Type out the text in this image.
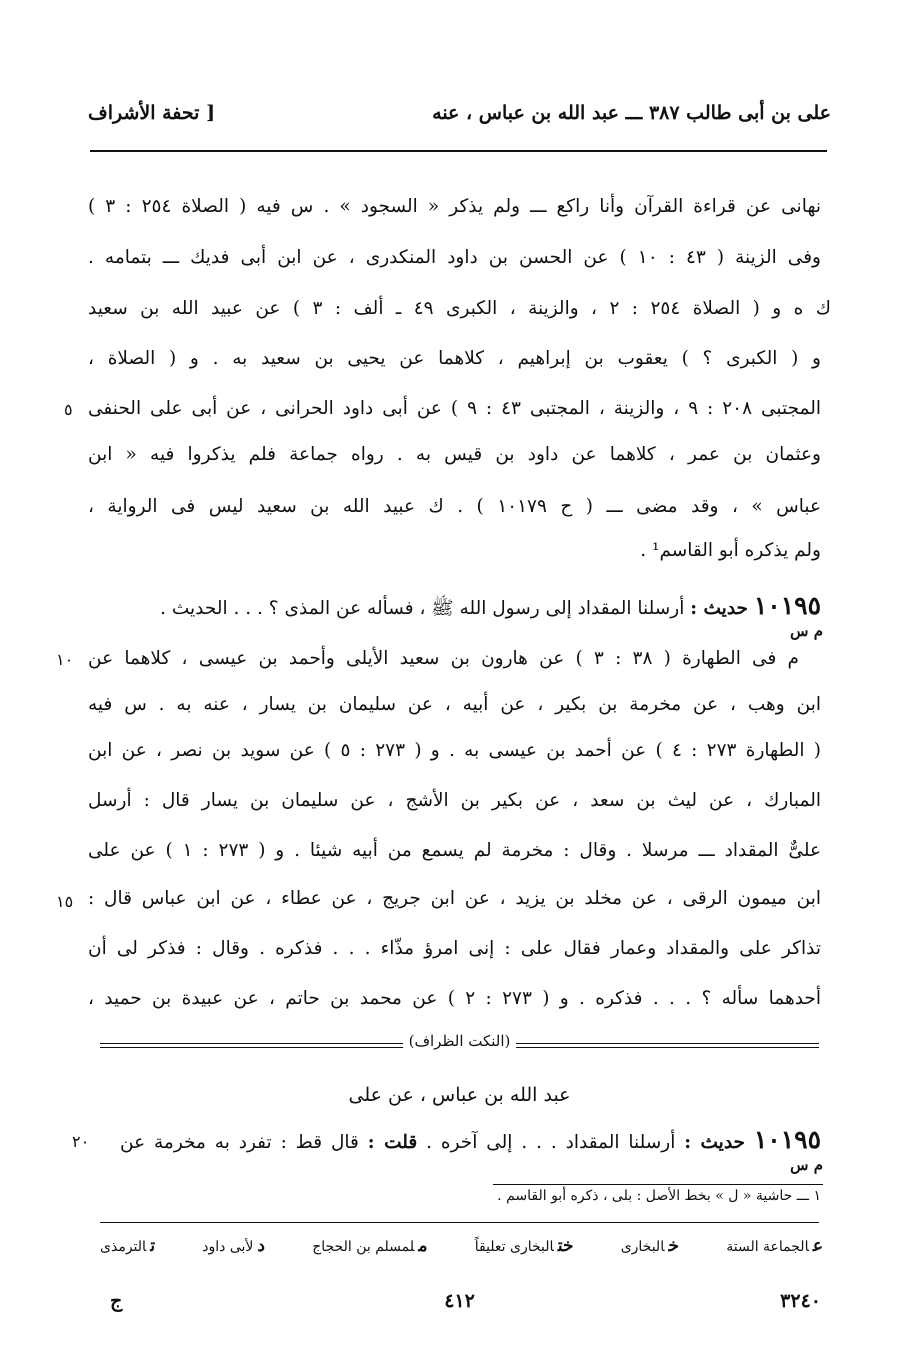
على بن أبى طالب ٣٨٧ ـــ عبد الله بن عباس ، عنه
[ تحفة الأشراف
نهانى عن قراءة القرآن وأنا راكع ـــ ولم يذكر « السجود » . س فيه ( الصلاة ٢٥٤ : ٣ )
وفى الزينة ( ٤٣ : ١٠ ) عن الحسن بن داود المنكدرى ، عن ابن أبى فديك ـــ بتمامه .
ك ه و ( الصلاة ٢٥٤ : ٢ ، والزينة ، الكبرى ٤٩ ـ ألف : ٣ ) عن عبيد الله بن سعيد
و ( الكبرى ؟ ) يعقوب بن إبراهيم ، كلاهما عن يحيى بن سعيد به . و ( الصلاة ،
المجتبى ٢٠٨ : ٩ ، والزينة ، المجتبى ٤٣ : ٩ ) عن أبى داود الحرانى ، عن أبى على الحنفى
وعثمان بن عمر ، كلاهما عن داود بن قيس به . رواه جماعة فلم يذكروا فيه « ابن
عباس » ، وقد مضى ـــ ( ح ١٠١٧٩ ) . ك عبيد الله بن سعيد ليس فى الرواية ،
ولم يذكره أبو القاسم¹ .
٥
١٠١٩٥ حديث : أرسلنا المقداد إلى رسول الله ﷺ ، فسأله عن المذى ؟ . . . الحديث .
م س
م فى الطهارة ( ٣٨ : ٣ ) عن هارون بن سعيد الأيلى وأحمد بن عيسى ، كلاهما عن
ابن وهب ، عن مخرمة بن بكير ، عن أبيه ، عن سليمان بن يسار ، عنه به . س فيه
( الطهارة ٢٧٣ : ٤ ) عن أحمد بن عيسى به . و ( ٢٧٣ : ٥ ) عن سويد بن نصر ، عن ابن
المبارك ، عن ليث بن سعد ، عن بكير بن الأشج ، عن سليمان بن يسار قال : أرسل
علىٌّ المقداد ـــ مرسلا . وقال : مخرمة لم يسمع من أبيه شيئا . و ( ٢٧٣ : ١ ) عن على
ابن ميمون الرقى ، عن مخلد بن يزيد ، عن ابن جريج ، عن عطاء ، عن ابن عباس قال :
تذاكر على والمقداد وعمار فقال على : إنى امرؤ مذّاء . . . فذكره . وقال : فذكر لى أن
أحدهما سأله ؟ . . . فذكره . و ( ٢٧٣ : ٢ ) عن محمد بن حاتم ، عن عبيدة بن حميد ،
١٠
١٥
(النكت الظراف)
عبد الله بن عباس ، عن على
١٠١٩٥ حديث : أرسلنا المقداد . . . إلى آخره . قلت : قال قط : تفرد به مخرمة عن
م س
٢٠
١ ـــ حاشية « ل » بخط الأصل : بلى ، ذكره أبو القاسم .
عالجماعة الستة
خالبخارى
ختالبخارى تعليقاً
ملمسلم بن الحجاج
دلأبى داود
تالترمذى
٣٢٤٠
٤١٢
ج
